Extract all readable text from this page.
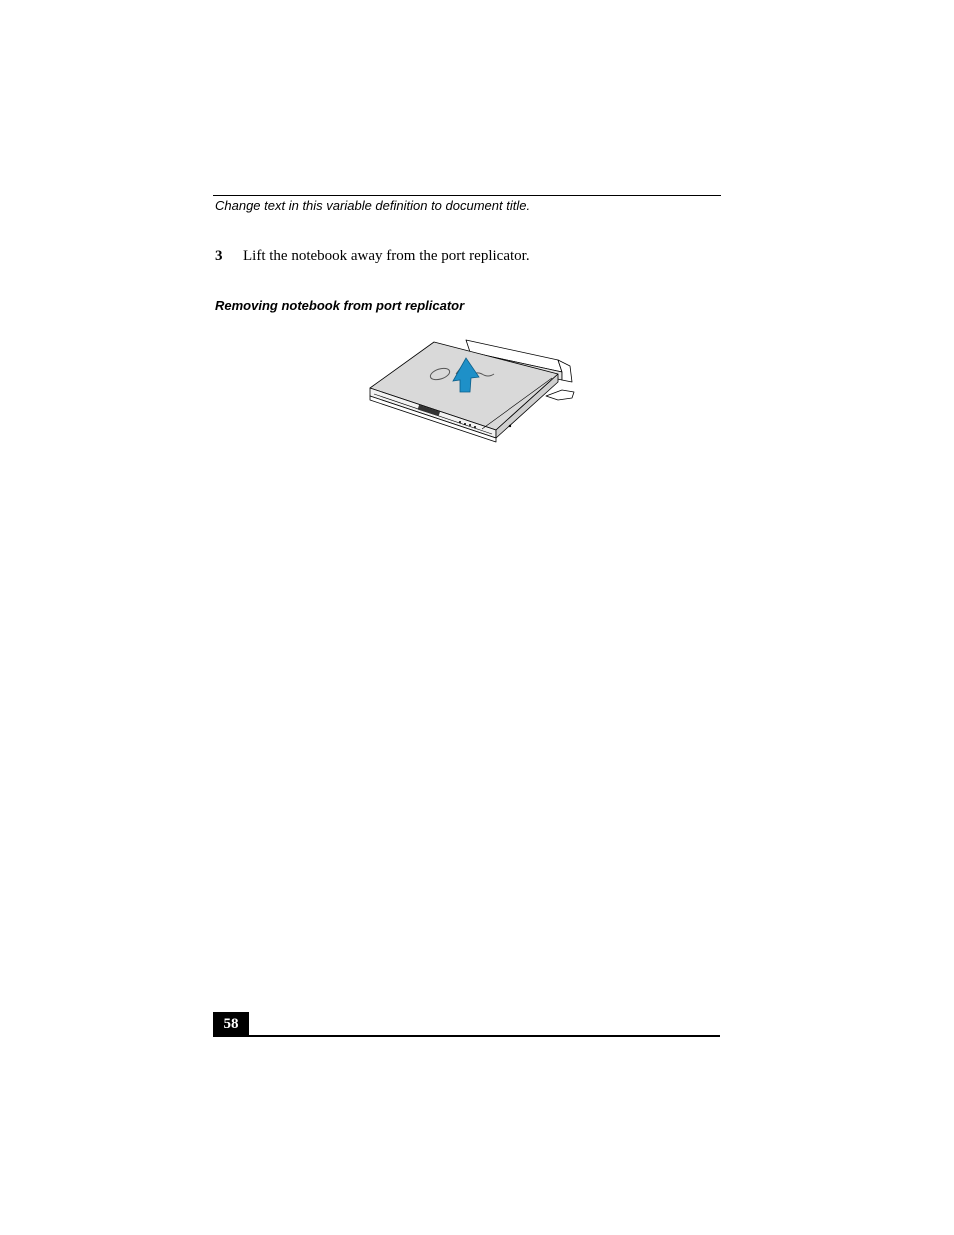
Change text in this variable definition to document title.
3 Lift the notebook away from the port replicator.
Removing notebook from port replicator
58
